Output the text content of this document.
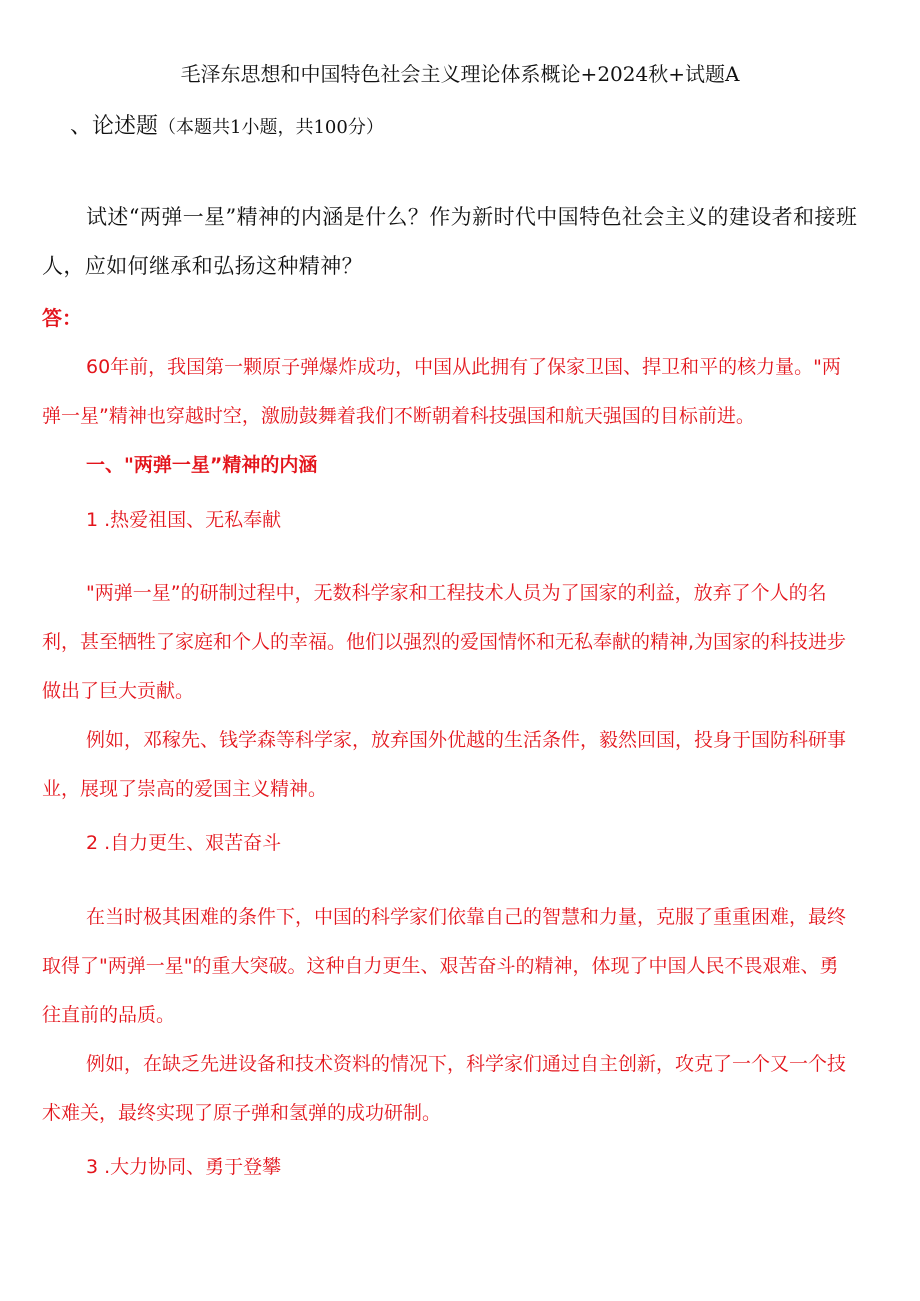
毛泽东思想和中国特色社会主义理论体系概论+2024秋+试题A
、论述题（本题共1小题，共100分）
试述“两弹一星”精神的内涵是什么？作为新时代中国特色社会主义的建设者和接班
人，应如何继承和弘扬这种精神？
答：
60年前，我国第一颗原子弹爆炸成功，中国从此拥有了保家卫国、捍卫和平的核力量。"两
弹一星”精神也穿越时空，激励鼓舞着我们不断朝着科技强国和航天强国的目标前进。
一、"两弹一星”精神的内涵
1 .热爱祖国、无私奉献
"两弹一星”的研制过程中，无数科学家和工程技术人员为了国家的利益，放弃了个人的名
利，甚至牺牲了家庭和个人的幸福。他们以强烈的爱国情怀和无私奉献的精神,为国家的科技进步
做出了巨大贡献。
例如，邓稼先、钱学森等科学家，放弃国外优越的生活条件，毅然回国，投身于国防科研事
业，展现了崇高的爱国主义精神。
2 .自力更生、艰苦奋斗
在当时极其困难的条件下，中国的科学家们依靠自己的智慧和力量，克服了重重困难，最终
取得了"两弹一星"的重大突破。这种自力更生、艰苦奋斗的精神，体现了中国人民不畏艰难、勇
往直前的品质。
例如，在缺乏先进设备和技术资料的情况下，科学家们通过自主创新，攻克了一个又一个技
术难关，最终实现了原子弹和氢弹的成功研制。
3 .大力协同、勇于登攀
